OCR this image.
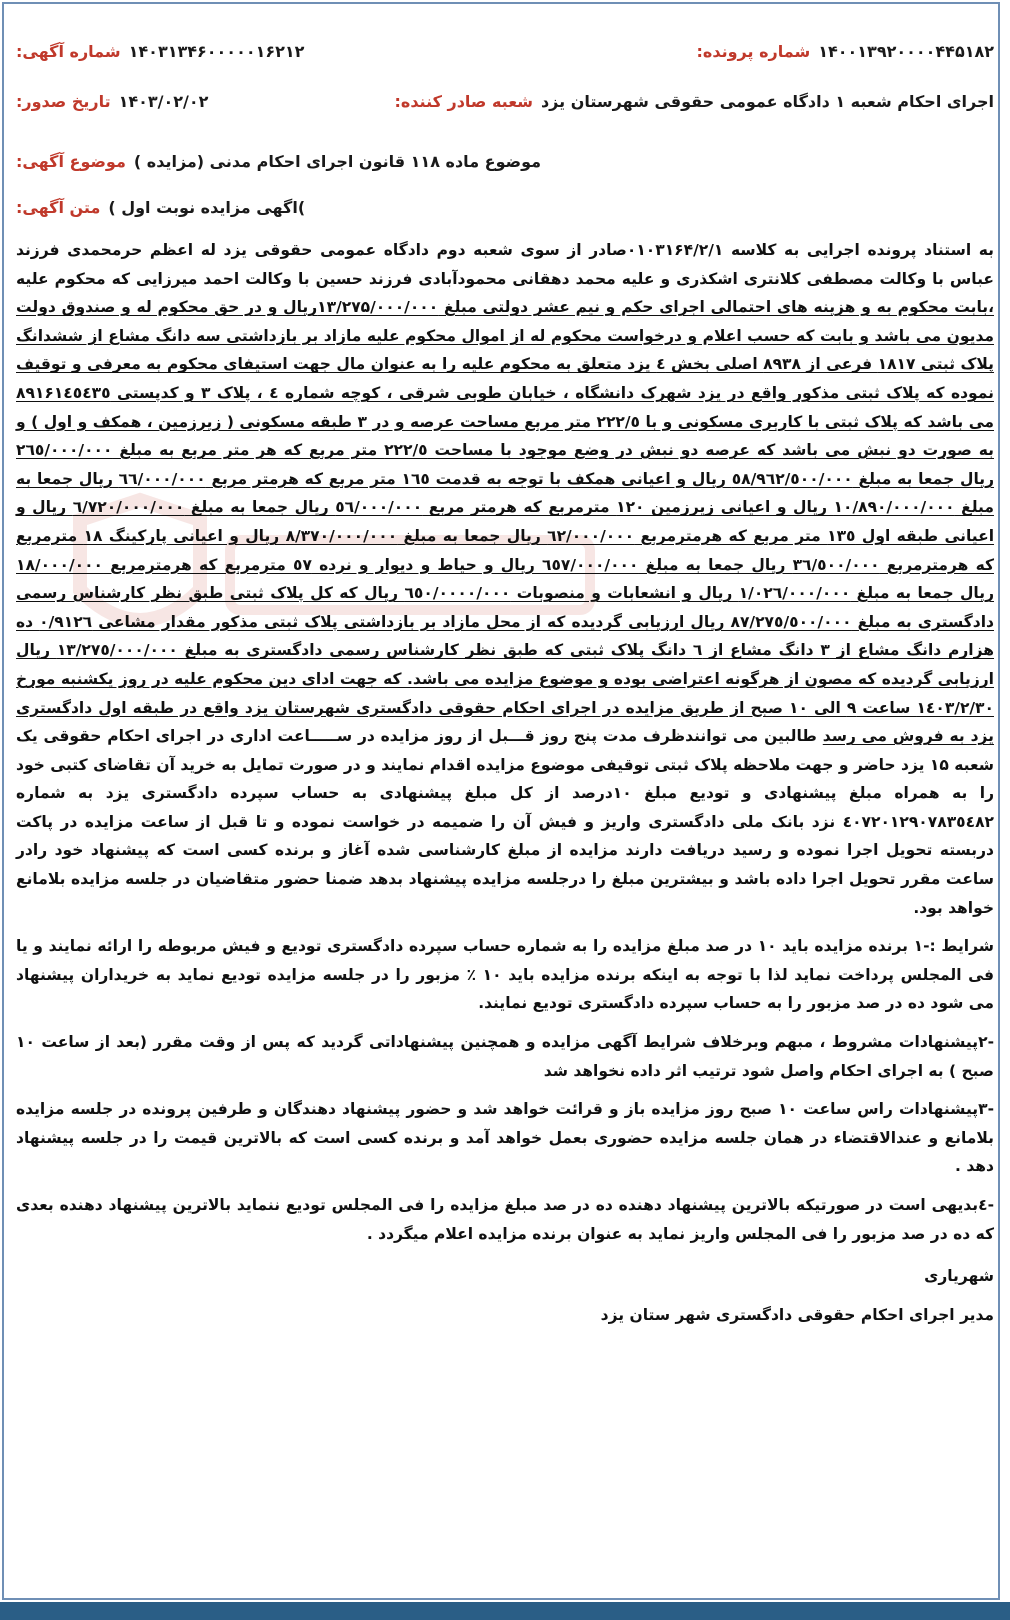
شماره آگهی: ۱۴۰۳۱۳۴۶۰۰۰۰۰۱۶۲۱۲	شماره پرونده: ۱۴۰۰۱۳۹۲۰۰۰۰۴۴۵۱۸۲
تاریخ صدور: ۱۴۰۳/۰۲/۰۲	شعبه صادر کننده: اجرای احکام شعبه ۱ دادگاه عمومی حقوقی شهرستان یزد
موضوع آگهی: موضوع ماده ۱۱۸ قانون اجرای احکام مدنی (مزایده )
متن آگهی: )اگهی مزایده نوبت اول )

به استناد پرونده اجرایی به کلاسه ۰۱۰۳۱۶۴/۲/۱صادر از سوی شعبه دوم دادگاه عمومی حقوقی یزد له اعظم حرمحمدی فرزند عباس با وکالت مصطفی کلانتری اشکذری و علیه محمد دهقانی محمودآبادی فرزند حسین با وکالت احمد میرزایی که محکوم علیه ،بابت محکوم به و هزینه های احتمالی اجرای حکم و نیم عشر دولتی مبلغ ۱۳/۲۷۵/۰۰۰/۰۰۰ریال و در حق محکوم له و صندوق دولت مدیون می باشد و بابت که حسب اعلام و درخواست محکوم له از اموال محکوم علیه مازاد بر بازداشتی سه دانگ مشاع از ششدانگ پلاک ثبتی ۱۸۱۷ فرعی از ۸۹۳۸ اصلی بخش ٤ یزد متعلق به محکوم علیه را به عنوان مال جهت استیفای محکوم به معرفی و توقیف نموده که پلاک ثبتی مذکور واقع در یزد شهرک دانشگاه ، خیابان طوبی شرقی ، کوچه شماره ٤ ، پلاک ۳ و کدپستی ۸۹۱۶۱٤٥٤۳٥ می باشد که پلاک ثبتی با کاربری مسکونی و با ۲۲۲/٥ متر مربع مساحت عرصه و در ۳ طبقه مسکونی ( زیرزمین ، همکف و اول ) و به صورت دو نبش می باشد که عرصه دو نبش در وضع موجود با مساحت ۲۲۲/٥ متر مربع که هر متر مربع به مبلغ ۲٦٥/۰۰۰/۰۰۰ ریال جمعا به مبلغ ٥۸/۹٦۲/٥۰۰/۰۰۰ ریال و اعیانی همکف با توجه به قدمت ۱٦٥ متر مربع که هرمتر مربع ٦٦/۰۰۰/۰۰۰ ریال جمعا به مبلغ ۱۰/۸۹۰/۰۰۰/۰۰۰ ریال و اعیانی زیرزمین ۱۲۰ مترمربع که هرمتر مربع ٥٦/۰۰۰/۰۰۰ ریال جمعا به مبلغ ٦/۷۲۰/۰۰۰/۰۰۰ ریال و اعیانی طبقه اول ۱۳٥ متر مربع که هرمترمربع ٦۲/۰۰۰/۰۰۰ ریال جمعا به مبلغ ۸/۳۷۰/۰۰۰/۰۰۰ ریال و اعیانی پارکینگ ۱۸ مترمربع که هرمترمربع ۳٦/٥۰۰/۰۰۰ ریال جمعا به مبلغ ٦٥۷/۰۰۰/۰۰۰ ریال و حیاط و دیوار و نرده ٥۷ مترمربع که هرمترمربع ۱۸/۰۰۰/۰۰۰ ریال جمعا به مبلغ ۱/۰۲٦/۰۰۰/۰۰۰ ریال و انشعابات و منصوبات ٦٥۰/۰۰۰۰/۰۰۰ ریال که کل پلاک ثبتی طبق نظر کارشناس رسمی دادگستری به مبلغ ۸۷/۲۷٥/٥۰۰/۰۰۰ ریال ارزیابی گردیده که از محل مازاد بر بازداشتی پلاک ثبتی مذکور مقدار مشاعی ۰/۹۱۲٦ ده هزارم دانگ مشاع از ۳ دانگ مشاع از ٦ دانگ پلاک ثبتی که طبق نظر کارشناس رسمی دادگستری به مبلغ ۱۳/۲۷٥/۰۰۰/۰۰۰ ریال ارزیابی گردیده که مصون از هرگونه اعتراضی بوده و موضوع مزایده می باشد. که جهت ادای دین محکوم علیه در روز یکشنبه مورخ ۱٤۰۳/۲/۳۰ ساعت ۹ الی ۱۰ صبح از طریق مزایده در اجرای احکام حقوقی دادگستری شهرستان یزد واقع در طبقه اول دادگستری یزد به فروش می رسد طالبین می توانندظرف مدت پنج روز قـــبل از روز مزایده در ســـــاعت اداری در اجرای احکام حقوقی یک شعبه ۱۵ یزد حاضر و جهت ملاحظه پلاک ثبتی توقیفی موضوع مزایده اقدام نمایند و در صورت تمایل به خرید آن تقاضای کتبی خود را به همراه مبلغ پیشنهادی و تودیع مبلغ ۱۰درصد از کل مبلغ پیشنهادی به حساب سپرده دادگستری یزد به شماره ٤۰۷۲۰۱۲۹۰۷۸۳٥٤۸۲ نزد بانک ملی دادگستری واریز و فیش آن را ضمیمه در خواست نموده و تا قبل از ساعت مزایده در پاکت دربسته تحویل اجرا نموده و رسید دریافت دارند مزایده از مبلغ کارشناسی شده آغاز و برنده کسی است که پیشنهاد خود رادر ساعت مقرر تحویل اجرا داده باشد و بیشترین مبلغ را درجلسه مزایده پیشنهاد بدهد ضمنا حضور متقاضیان در جلسه مزایده بلامانع خواهد بود.

شرایط :-۱ برنده مزایده باید ۱۰ در صد مبلغ مزایده را به شماره حساب سپرده دادگستری تودیع و فیش مربوطه را ارائه نمایند و یا فی المجلس پرداخت نماید لذا با توجه به اینکه برنده مزایده باید ۱۰ ٪ مزبور را در جلسه مزایده تودیع نماید به خریداران پیشنهاد می شود ده در صد مزبور را به حساب سپرده دادگستری تودیع نمایند.

-۲پیشنهادات مشروط ، مبهم وبرخلاف شرایط آگهی مزایده و همچنین پیشنهاداتی گردید که پس از وقت مقرر (بعد از ساعت ۱۰ صبح ) به اجرای احکام واصل شود ترتیب اثر داده نخواهد شد

-۳پیشنهادات راس ساعت ۱۰ صبح روز مزایده باز و قرائت خواهد شد و حضور پیشنهاد دهندگان و طرفین پرونده در جلسه مزایده بلامانع و عندالاقتضاء در همان جلسه مزایده حضوری بعمل خواهد آمد و برنده کسی است که بالاترین قیمت را در جلسه پیشنهاد دهد .

-٤بدیهی است در صورتیکه بالاترین پیشنهاد دهنده ده در صد مبلغ مزایده را فی المجلس تودیع ننماید بالاترین پیشنهاد دهنده بعدی که ده در صد مزبور را فی المجلس واریز نماید به عنوان برنده مزایده اعلام میگردد .

شهریاری

مدیر اجرای احکام حقوقی دادگستری شهر ستان یزد
